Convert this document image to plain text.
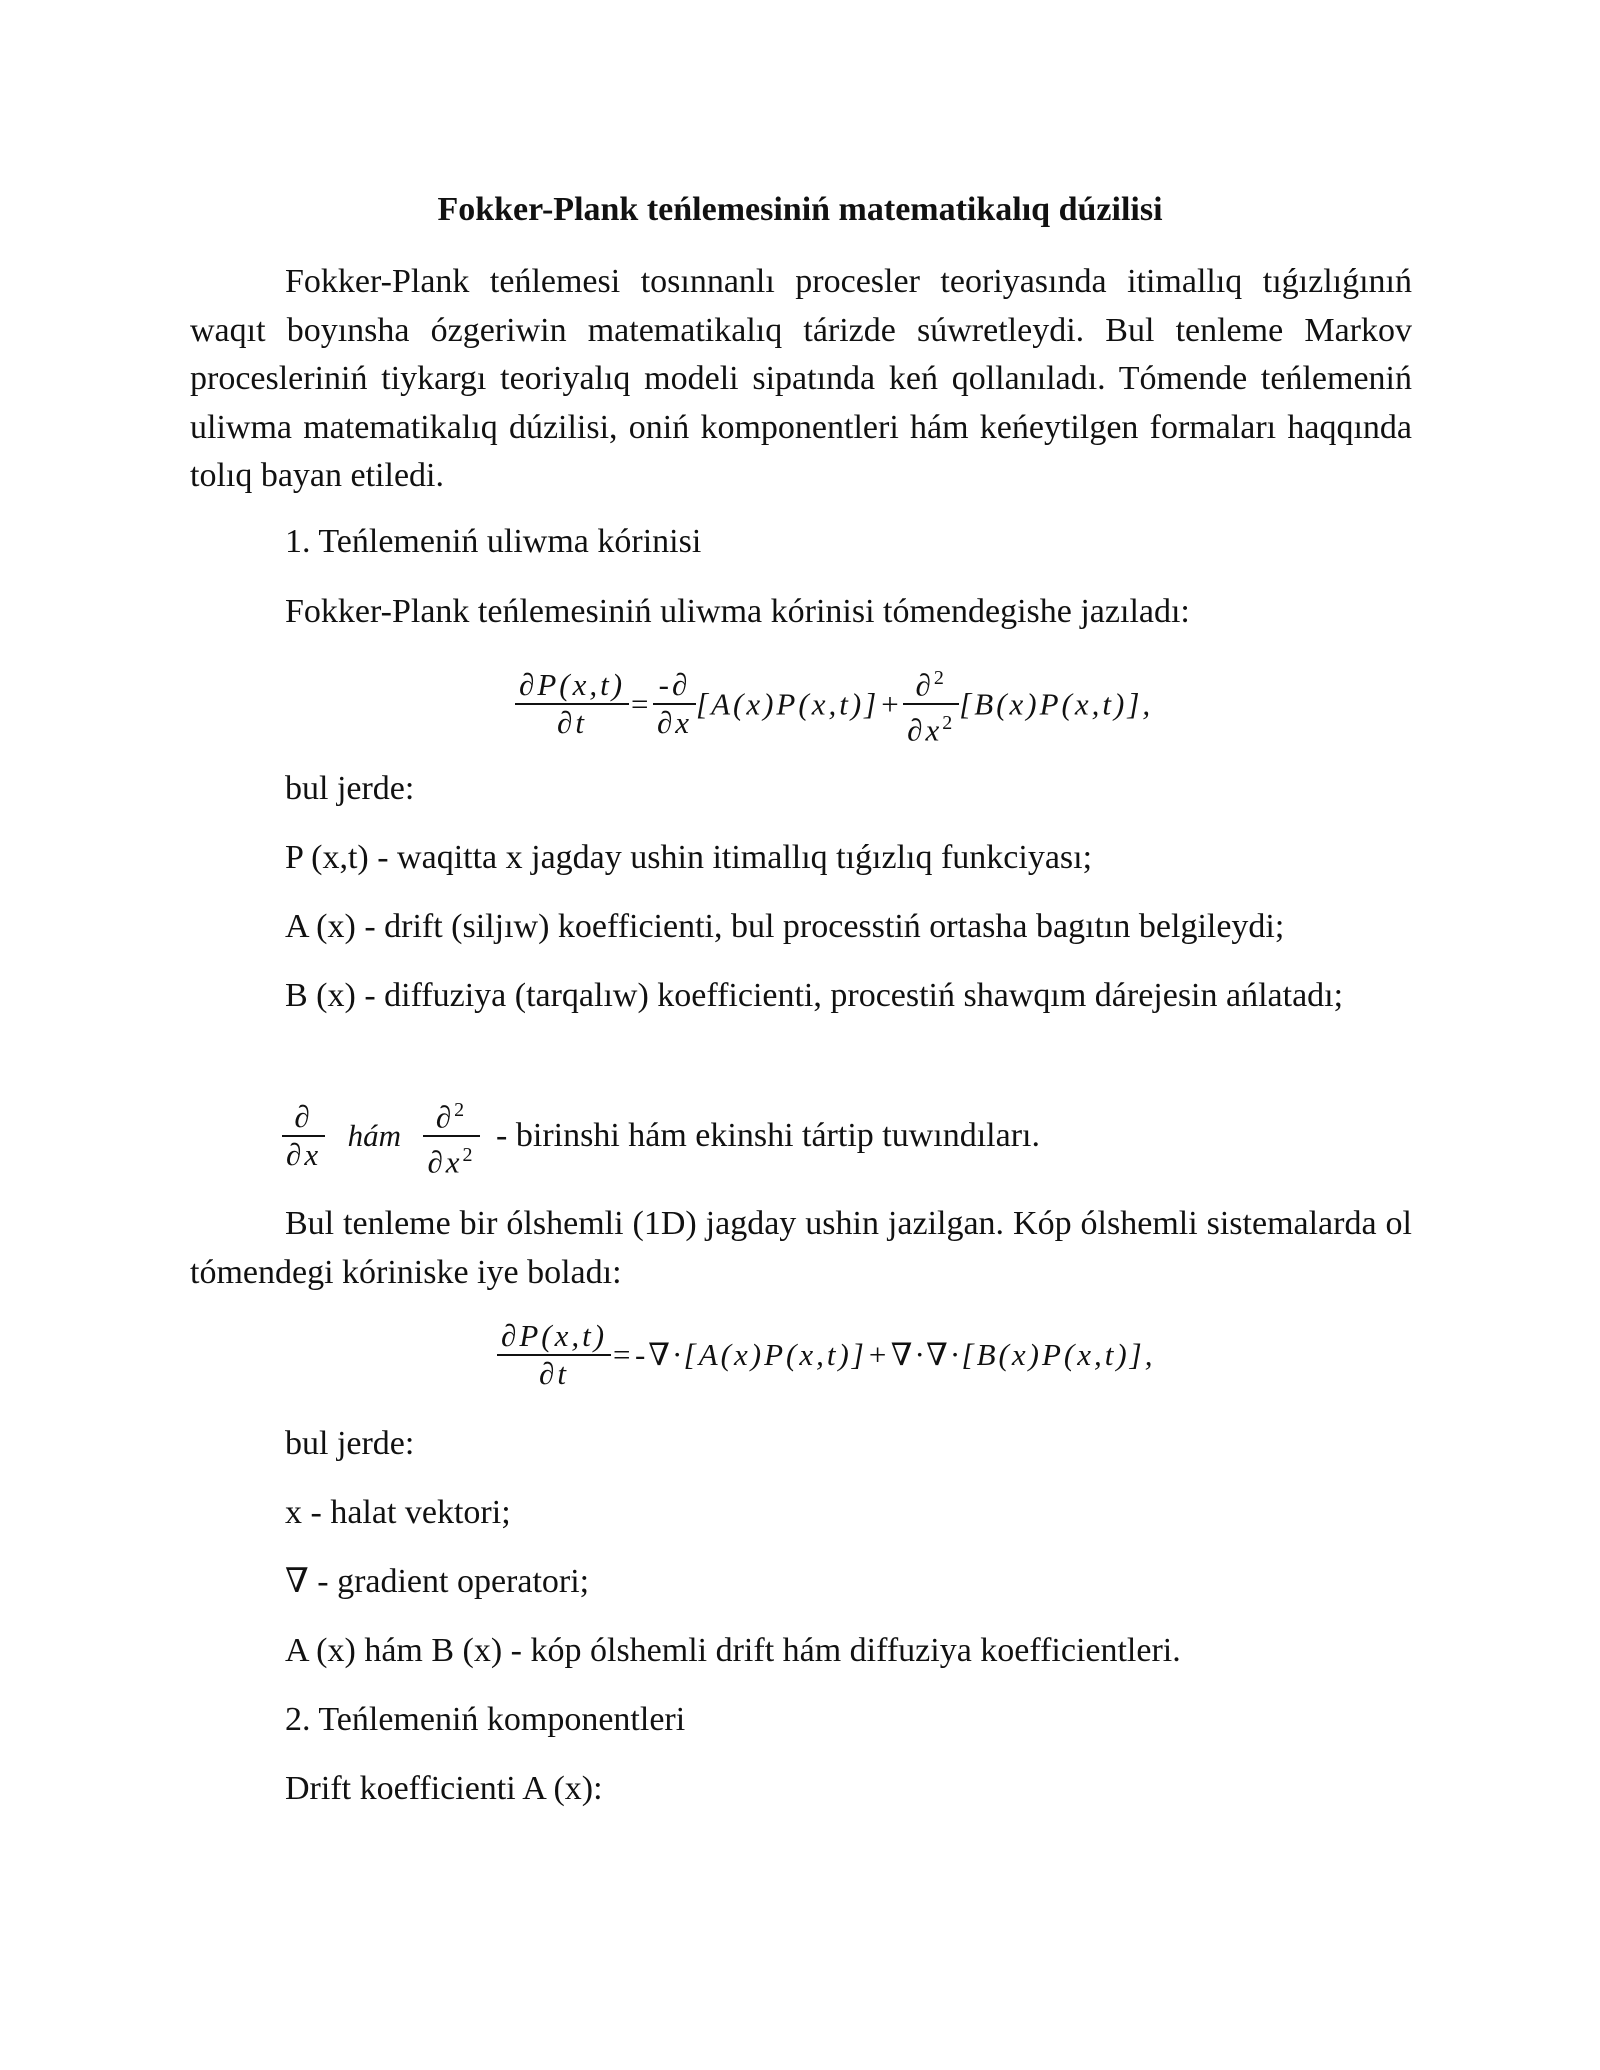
Fokker-Plank teńlemesiniń matematikalıq dúzilisi
Fokker-Plank teńlemesi tosınnanlı procesler teoriyasında itimallıq tıǵızlıǵınıń waqıt boyınsha ózgeriwin matematikalıq tárizde súwretleydi. Bul tenleme Markov procesleriniń tiykargı teoriyalıq modeli sipatında keń qollanıladı. Tómende teńlemeniń uliwma matematikalıq dúzilisi, oniń komponentleri hám keńeytilgen formaları haqqında tolıq bayan etiledi.
1. Teńlemeniń uliwma kórinisi
Fokker-Plank teńlemesiniń uliwma kórinisi tómendegishe jazıladı:
$\frac{\partial P(x,t)}{\partial t} = \frac{-\partial}{\partial x} [A(x)P(x,t)]+ \frac{\partial^2}{\partial x^2} [B(x)P(x,t)]$,
bul jerde:
P (x,t) - waqitta x jagday ushin itimallıq tıǵızlıq funkciyası;
A (x) - drift (siljıw) koefficienti, bul processtiń ortasha bagıtın belgileydi;
B (x) - diffuziya (tarqalıw) koefficienti, procestiń shawqım dárejesin ańlatadı;
$\frac{\partial}{\partial x}$ hám $\frac{\partial^2}{\partial x^2}$ - birinshi hám ekinshi tártip tuwındıları.
Bul tenleme bir ólshemli (1D) jagday ushin jazilgan. Kóp ólshemli sistemalarda ol tómendegi kóriniske iye boladı:
$\frac{\partial P(x,t)}{\partial t} =-\nabla\cdot[A(x)P(x,t)]+\nabla\cdot\nabla\cdot[B(x)P(x,t)]$,
bul jerde:
x - halat vektori;
∇ - gradient operatori;
A (x) hám B (x) - kóp ólshemli drift hám diffuziya koefficientleri.
2. Teńlemeniń komponentleri
Drift koefficienti A (x):
